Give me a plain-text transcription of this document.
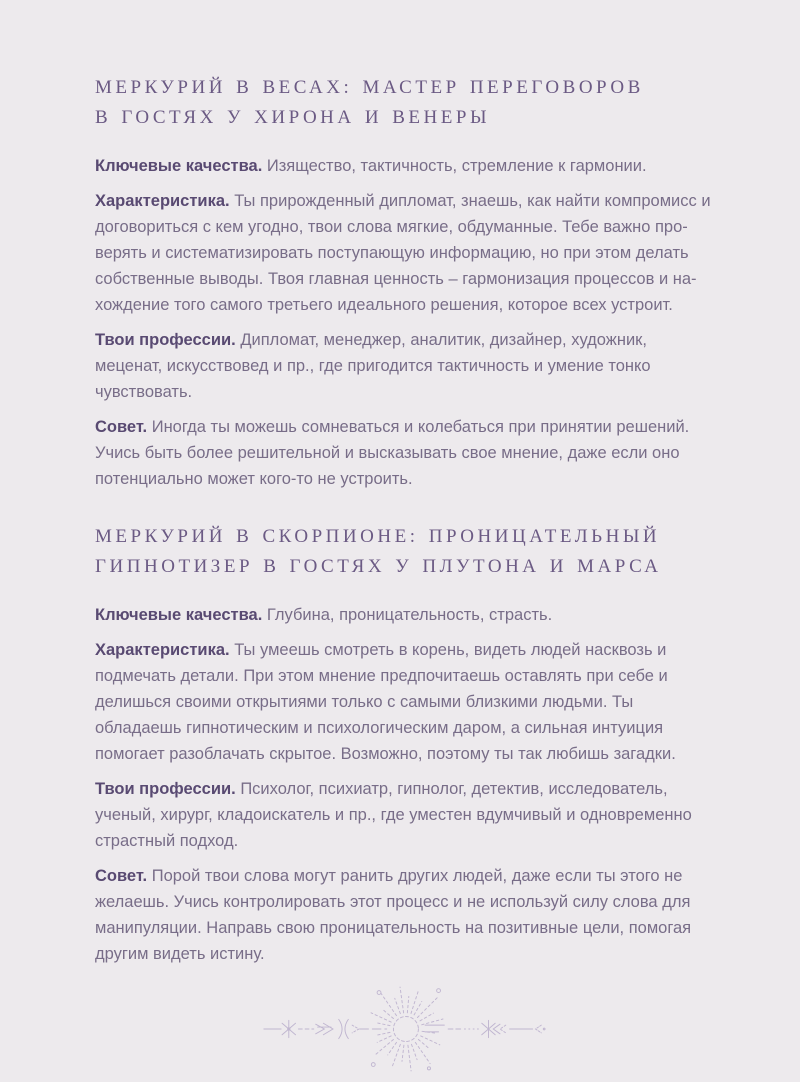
МЕРКУРИЙ В ВЕСАХ: МАСТЕР ПЕРЕГОВОРОВ
В ГОСТЯХ У ХИРОНА И ВЕНЕРЫ

Ключевые качества. Изящество, тактичность, стремление к гармонии.

Характеристика. Ты прирожденный дипломат, знаешь, как найти компромисс и договориться с кем угодно, твои слова мягкие, обдуманные. Тебе важно проверять и систематизировать поступающую информацию, но при этом делать собственные выводы. Твоя главная ценность – гармонизация процессов и нахождение того самого третьего идеального решения, которое всех устроит.

Твои профессии. Дипломат, менеджер, аналитик, дизайнер, художник, меценат, искусствовед и пр., где пригодится тактичность и умение тонко чувствовать.

Совет. Иногда ты можешь сомневаться и колебаться при принятии решений. Учись быть более решительной и высказывать свое мнение, даже если оно потенциально может кого-то не устроить.

МЕРКУРИЙ В СКОРПИОНЕ: ПРОНИЦАТЕЛЬНЫЙ
ГИПНОТИЗЕР В ГОСТЯХ У ПЛУТОНА И МАРСА

Ключевые качества. Глубина, проницательность, страсть.

Характеристика. Ты умеешь смотреть в корень, видеть людей насквозь и подмечать детали. При этом мнение предпочитаешь оставлять при себе и делишься своими открытиями только с самыми близкими людьми. Ты обладаешь гипнотическим и психологическим даром, а сильная интуиция помогает разоблачать скрытое. Возможно, поэтому ты так любишь загадки.

Твои профессии. Психолог, психиатр, гипнолог, детектив, исследователь, ученый, хирург, кладоискатель и пр., где уместен вдумчивый и одновременно страстный подход.

Совет. Порой твои слова могут ранить других людей, даже если ты этого не желаешь. Учись контролировать этот процесс и не используй силу слова для манипуляции. Направь свою проницательность на позитивные цели, помогая другим видеть истину.
